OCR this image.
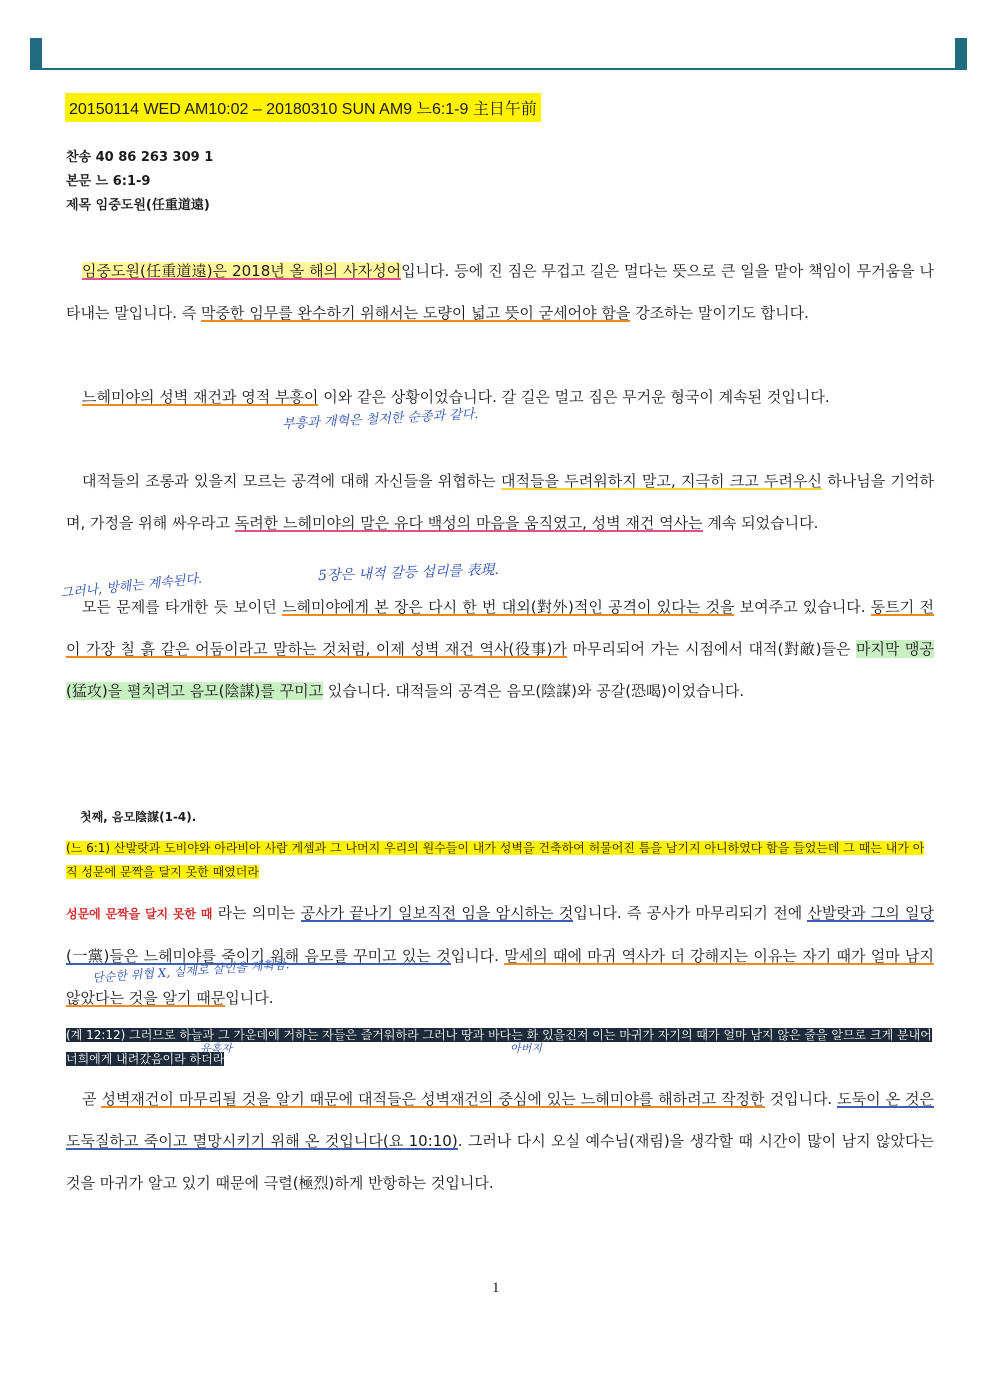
20150114 WED AM10:02 – 20180310 SUN AM9 느6:1-9 主日午前
찬송 40 86 263 309 1
본문 느 6:1-9
제목 임중도원(任重道遠)

임중도원(任重道遠)은 2018년 올 해의 사자성어입니다. 등에 진 짐은 무겁고 길은 멀다는 뜻으로 큰 일을 맡아 책임이 무거움을 나타내는 말입니다. 즉 막중한 임무를 완수하기 위해서는 도량이 넓고 뜻이 굳세어야 함을 강조하는 말이기도 합니다.

느헤미야의 성벽 재건과 영적 부흥이 이와 같은 상황이었습니다. 갈 길은 멀고 짐은 무거운 형국이 계속된 것입니다.

부흥과 개혁은 철저한 순종과 같다.

대적들의 조롱과 있을지 모르는 공격에 대해 자신들을 위협하는 대적들을 두려워하지 말고, 지극히 크고 두려우신 하나님을 기억하며, 가정을 위해 싸우라고 독려한 느헤미야의 말은 유다 백성의 마음을 움직였고, 성벽 재건 역사는 계속 되었습니다.

그러나, 방해는 계속된다.	5장은 내적 갈등 섭리를 表現.

모든 문제를 타개한 듯 보이던 느헤미야에게 본 장은 다시 한 번 대외(對外)적인 공격이 있다는 것을 보여주고 있습니다. 동트기 전이 가장 칠 흙 같은 어둠이라고 말하는 것처럼, 이제 성벽 재건 역사(役事)가 마무리되어 가는 시점에서 대적(對敵)들은 마지막 맹공(猛攻)을 펼치려고 음모(陰謀)를 꾸미고 있습니다. 대적들의 공격은 음모(陰謀)와 공갈(恐喝)이었습니다.

첫째, 음모陰謀(1-4).

(느 6:1) 산발랏과 도비야와 아라비아 사람 게셈과 그 나머지 우리의 원수들이 내가 성벽을 건축하여 허물어진 틈을 남기지 아니하였다 함을 들었는데 그 때는 내가 아직 성문에 문짝을 달지 못한 때였더라

성문에 문짝을 달지 못한 때 라는 의미는 공사가 끝나기 일보직전 임을 암시하는 것입니다. 즉 공사가 마무리되기 전에 산발랏과 그의 일당(一黨)들은 느헤미야를 죽이기 위해 음모를 꾸미고 있는 것입니다. 말세의 때에 마귀 역사가 더 강해지는 이유는 자기 때가 얼마 남지 않았다는 것을 알기 때문입니다.

단순한 위협 X, 실제로 살인을 계획함.

(계 12:12) 그러므로 하늘과 그 가운데에 거하는 자들은 즐거워하라 그러나 땅과 바다는 화 있을진저 이는 마귀가 자기의 때가 얼마 남지 않은 줄을 알므로 크게 분내어 너희에게 내려갔음이라 하더라

유혹자	아버지

곧 성벽재건이 마무리될 것을 알기 때문에 대적들은 성벽재건의 중심에 있는 느헤미야를 해하려고 작정한 것입니다. 도둑이 온 것은 도둑질하고 죽이고 멸망시키기 위해 온 것입니다(요 10:10). 그러나 다시 오실 예수님(재림)을 생각할 때 시간이 많이 남지 않았다는 것을 마귀가 알고 있기 때문에 극렬(極烈)하게 반항하는 것입니다.

1
